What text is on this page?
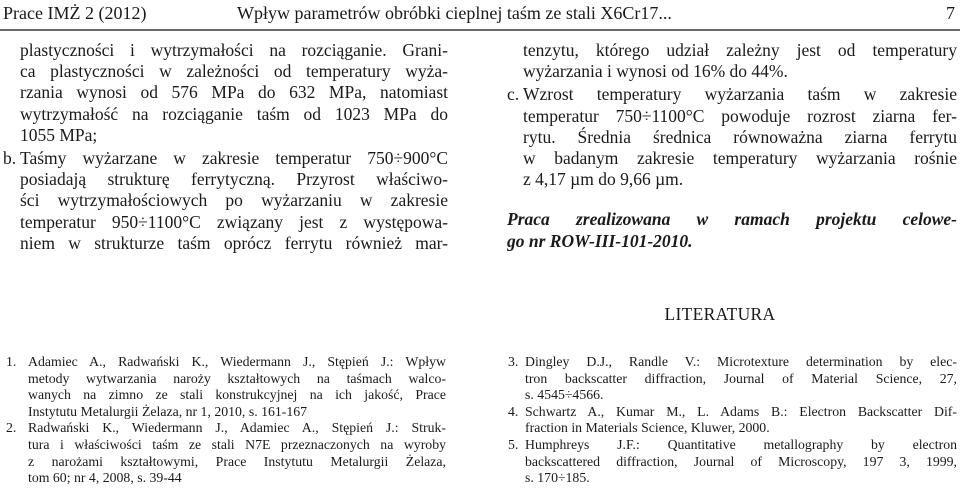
Prace IMŻ 2 (2012)	Wpływ parametrów obróbki cieplnej taśm ze stali X6Cr17...	7
plastyczności i wytrzymałości na rozciąganie. Grani-
ca plastyczności w zależności od temperatury wyża-
rzania wynosi od 576 MPa do 632 MPa, natomiast
wytrzymałość na rozciąganie taśm od 1023 MPa do
1055 MPa;
b. Taśmy wyżarzane w zakresie temperatur 750÷900°C
posiadają strukturę ferrytyczną. Przyrost właściwo-
ści wytrzymałościowych po wyżarzaniu w zakresie
temperatur 950÷1100°C związany jest z występowa-
niem w strukturze taśm oprócz ferrytu również mar-
tenzytu, którego udział zależny jest od temperatury
wyżarzania i wynosi od 16% do 44%.
c. Wzrost temperatury wyżarzania taśm w zakresie
temperatur 750÷1100°C powoduje rozrost ziarna fer-
rytu. Średnia średnica równoważna ziarna ferrytu
w badanym zakresie temperatury wyżarzania rośnie
z 4,17 µm do 9,66 µm.
Praca zrealizowana w ramach projektu celowe-
go nr ROW-III-101-2010.
LITERATURA
1. Adamiec A., Radwański K., Wiedermann J., Stępień J.: Wpływ
metody wytwarzania naroży kształtowych na taśmach walco-
wanych na zimno ze stali konstrukcyjnej na ich jakość, Prace
Instytutu Metalurgii Żelaza, nr 1, 2010, s. 161-167
2. Radwański K., Wiedermann J., Adamiec A., Stępień J.: Struk-
tura i właściwości taśm ze stali N7E przeznaczonych na wyroby
z narożami kształtowymi, Prace Instytutu Metalurgii Żelaza,
tom 60; nr 4, 2008, s. 39-44
3. Dingley D.J., Randle V.: Microtexture determination by elec-
tron backscatter diffraction, Journal of Material Science, 27,
s. 4545÷4566.
4. Schwartz A., Kumar M., L. Adams B.: Electron Backscatter Dif-
fraction in Materials Science, Kluwer, 2000.
5. Humphreys J.F.: Quantitative metallography by electron
backscattered diffraction, Journal of Microscopy, 197 3, 1999,
s. 170÷185.
